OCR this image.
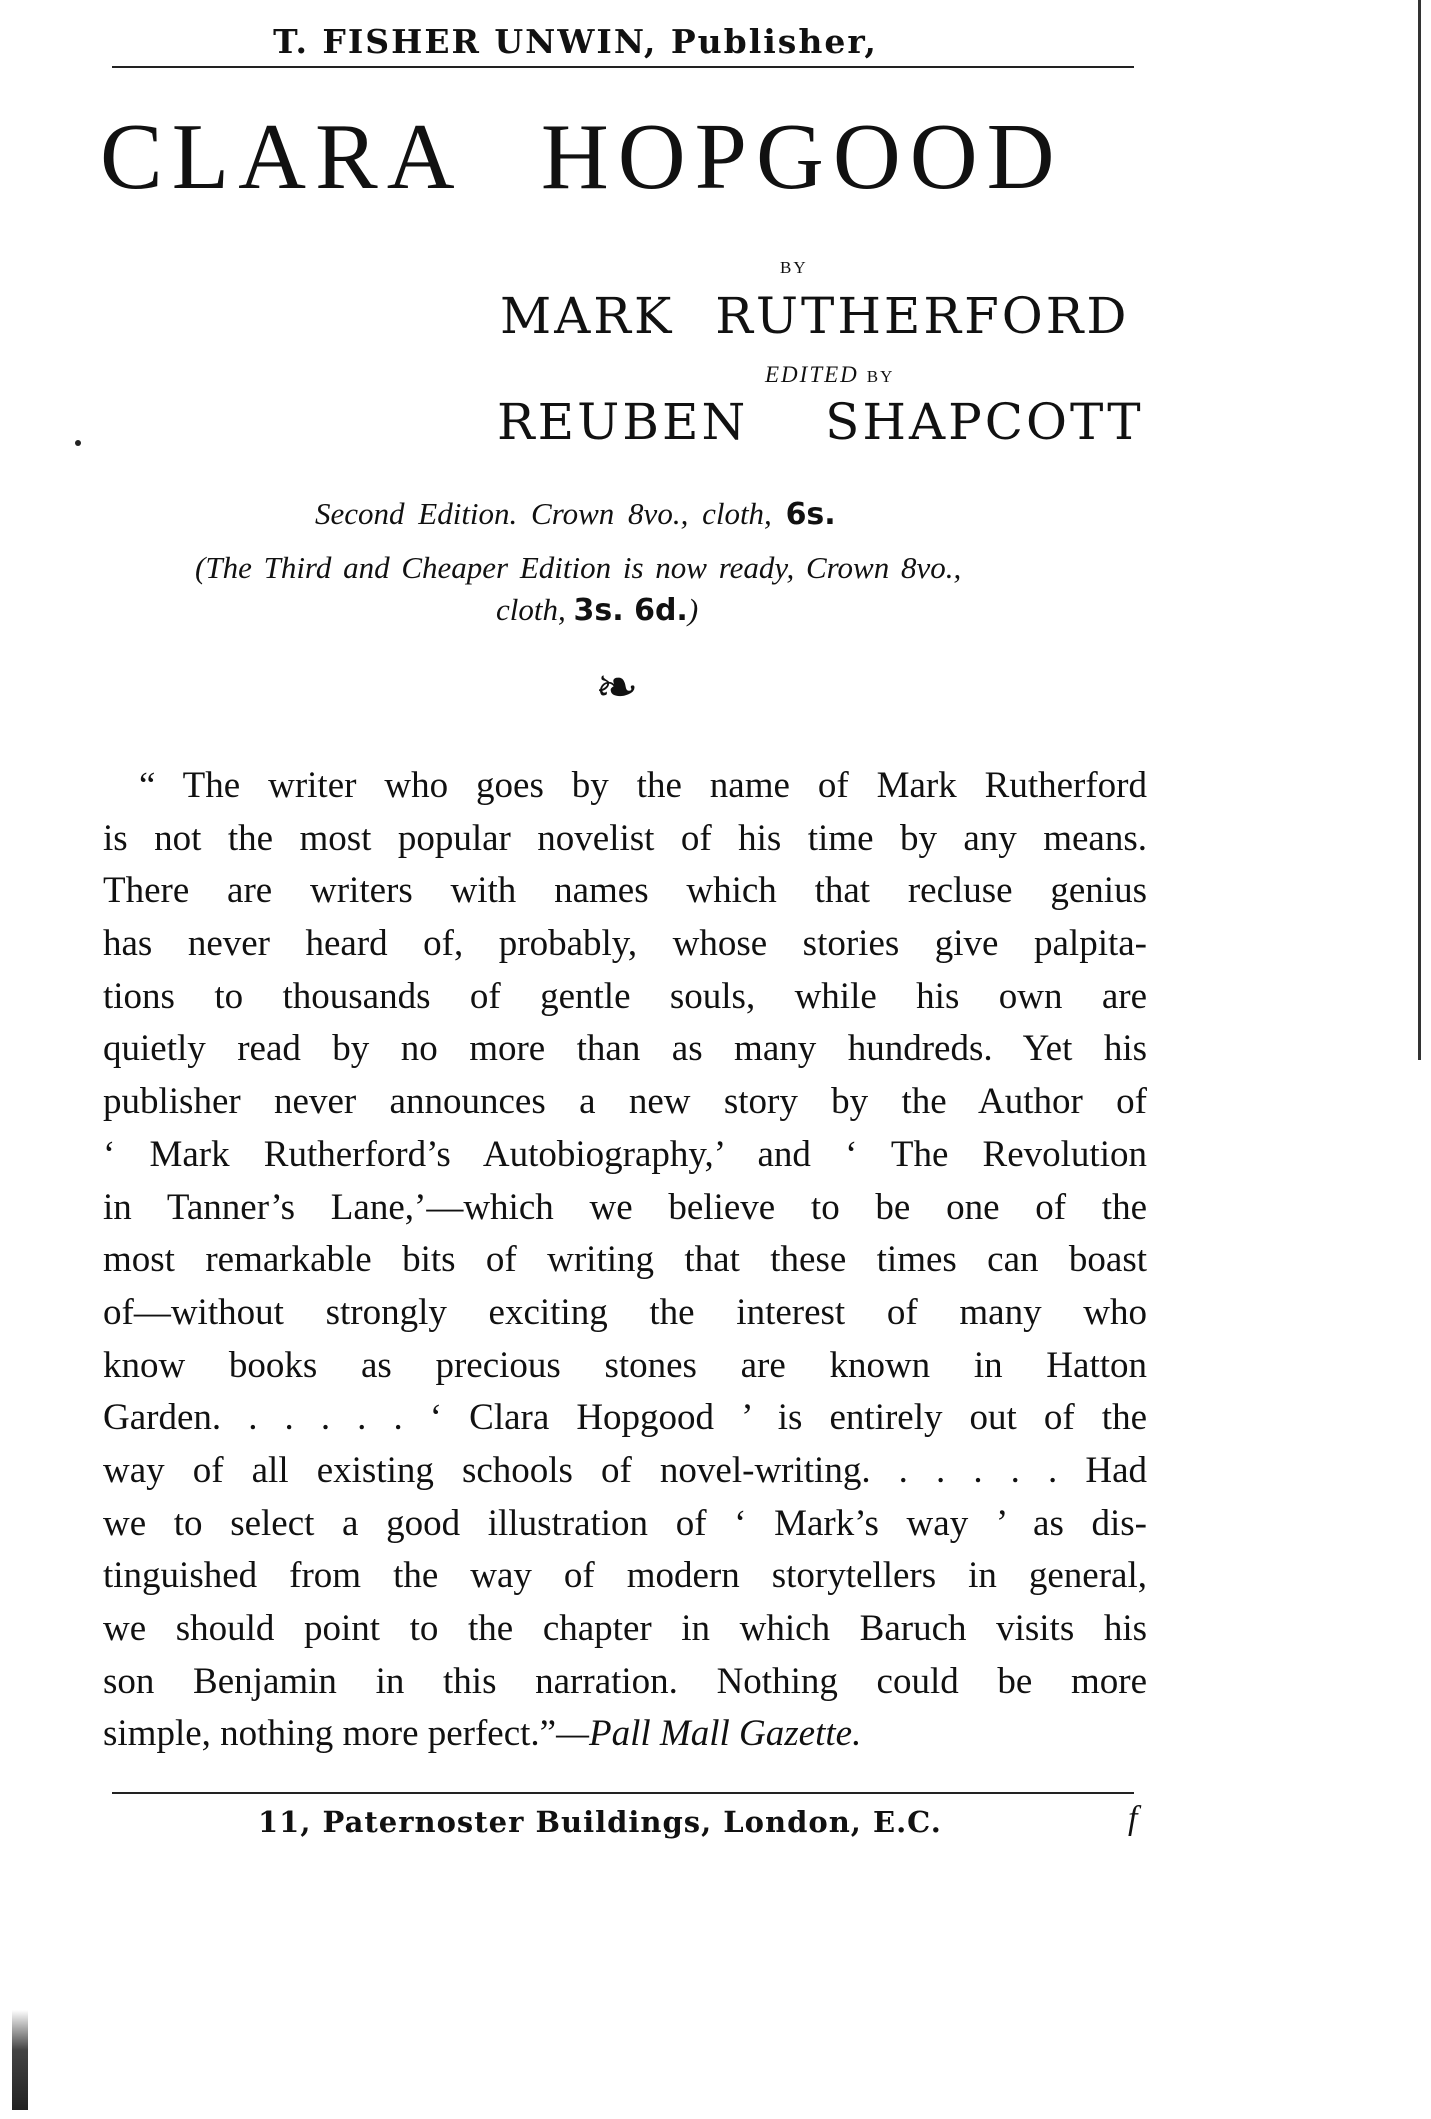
T. FISHER UNWIN, Publisher,
CLARA HOPGOOD
BY
MARK RUTHERFORD
EDITED BY
REUBEN SHAPCOTT
Second Edition. Crown 8vo., cloth, 6s.
(The Third and Cheaper Edition is now ready, Crown 8vo.,
cloth, 3s. 6d.)
❧
“ The writer who goes by the name of Mark Rutherford
is not the most popular novelist of his time by any means.
There are writers with names which that recluse genius
has never heard of, probably, whose stories give palpita-
tions to thousands of gentle souls, while his own are
quietly read by no more than as many hundreds. Yet his
publisher never announces a new story by the Author of
‘ Mark Rutherford’s Autobiography,’ and ‘ The Revolution
in Tanner’s Lane,’—which we believe to be one of the
most remarkable bits of writing that these times can boast
of—without strongly exciting the interest of many who
know books as precious stones are known in Hatton
Garden. . . . . . ‘ Clara Hopgood ’ is entirely out of the
way of all existing schools of novel-writing. . . . . . Had
we to select a good illustration of ‘ Mark’s way ’ as dis-
tinguished from the way of modern storytellers in general,
we should point to the chapter in which Baruch visits his
son Benjamin in this narration. Nothing could be more
simple, nothing more perfect.”—Pall Mall Gazette.
11, Paternoster Buildings, London, E.C.	f
